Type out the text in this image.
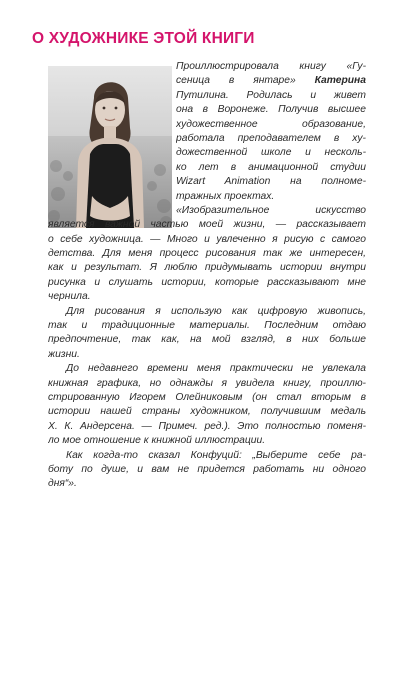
О ХУДОЖНИКЕ ЭТОЙ КНИГИ
Проиллюстрировала книгу «Гу-
сеница в янтаре» Катерина
Путилина. Родилась и живет
она в Воронеже. Получив высшее
художественное образование,
работала преподавателем в ху-
дожественной школе и несколь-
ко лет в анимационной студии
Wizart Animation на полноме-
тражных проектах.
«Изобразительное искусство
является важной частью моей жизни, — рассказывает
о себе художница. — Много и увлеченно я рисую с самого
детства. Для меня процесс рисования так же интересен,
как и результат. Я люблю придумывать истории внутри
рисунка и слушать истории, которые рассказывают мне
чернила.
Для рисования я использую как цифровую живопись,
так и традиционные материалы. Последним отдаю
предпочтение, так как, на мой взгляд, в них больше
жизни.
До недавнего времени меня практически не увлекала
книжная графика, но однажды я увидела книгу, проиллю-
стрированную Игорем Олейниковым (он стал вторым в
истории нашей страны художником, получившим медаль
Х. К. Андерсена. — Примеч. ред.). Это полностью поменя-
ло мое отношение к книжной иллюстрации.
Как когда-то сказал Конфуций: „Выберите себе ра-
боту по душе, и вам не придется работать ни одного
дня“».
